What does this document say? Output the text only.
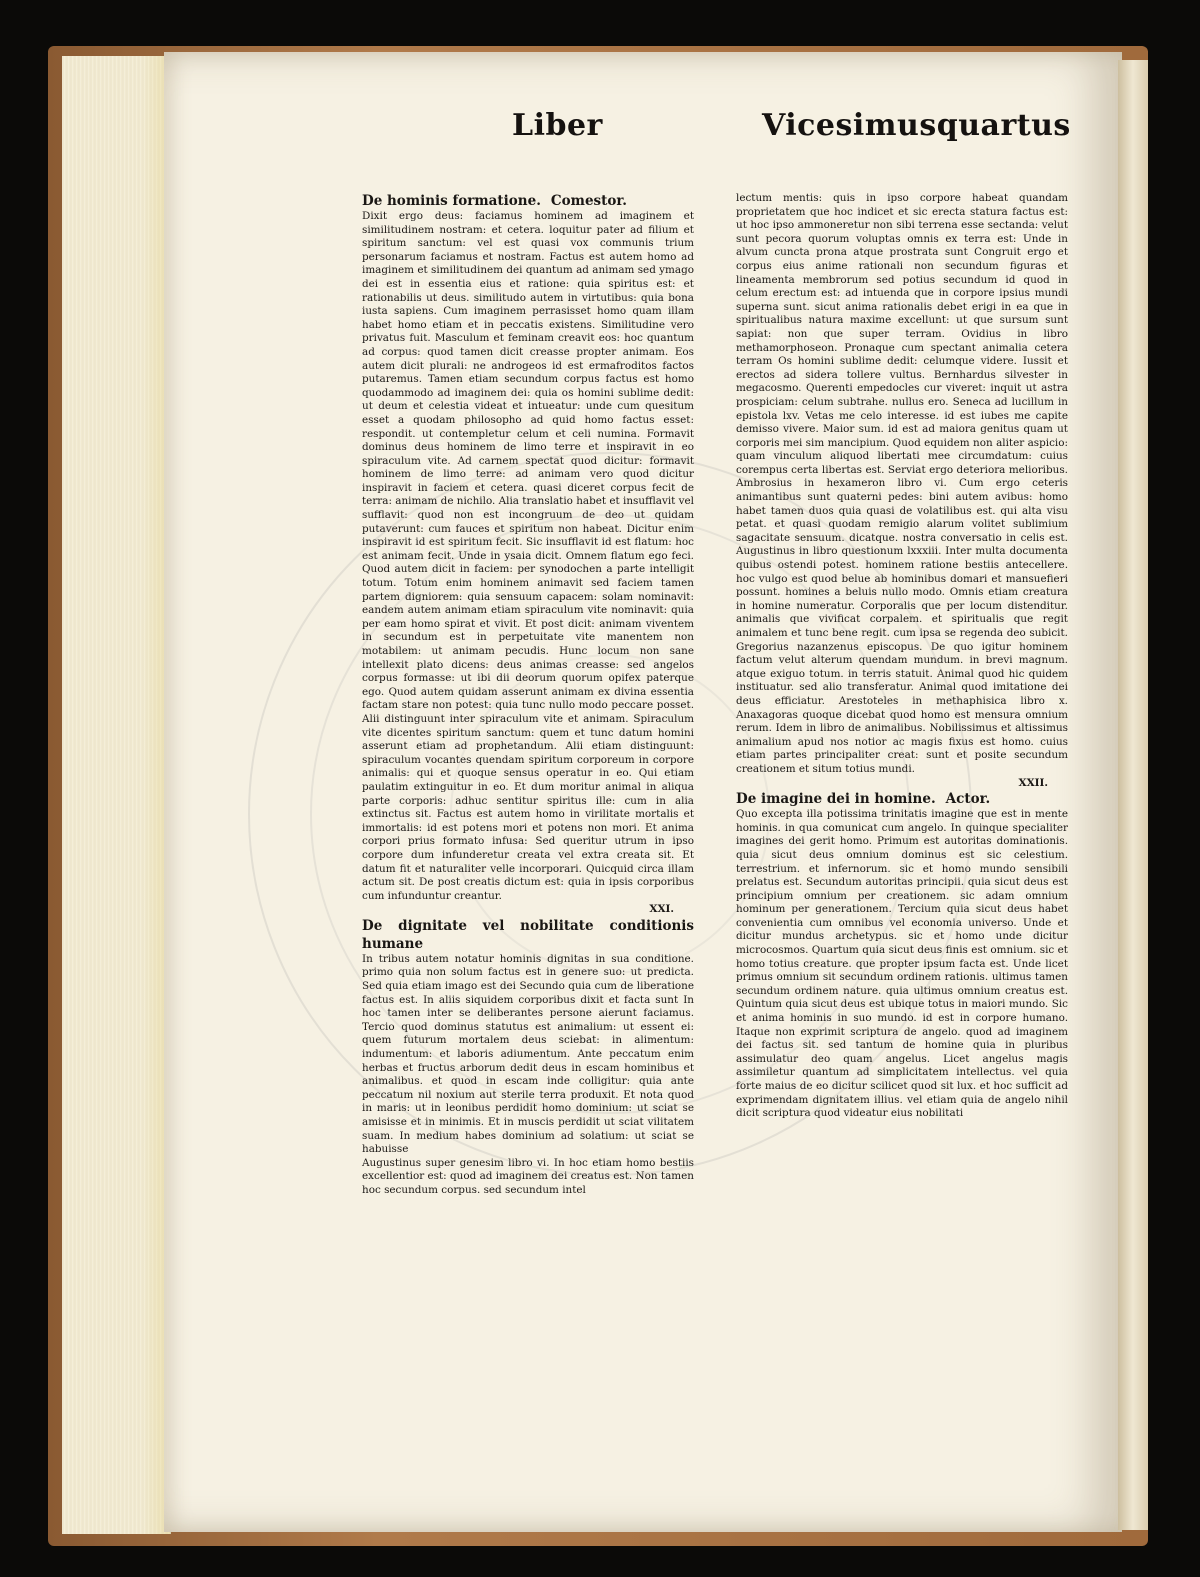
Liber	Vicesimusquartus

De hominis formatione. Comestor.

Dixit ergo deus: faciamus hominem ad imaginem et similitudinem nostram: et cetera. loquitur pater ad filium et spiritum sanctum: vel est quasi vox communis trium personarum faciamus et nostram. Factus est autem homo ad imaginem et similitudinem dei quantum ad animam sed ymago dei est in essentia eius et ratione: quia spiritus est: et rationabilis ut deus. similitudo autem in virtutibus: quia bona iusta sapiens. Cum imaginem perrasisset homo quam illam habet homo etiam et in peccatis existens. Similitudine vero privatus fuit. Masculum et feminam creavit eos: hoc quantum ad corpus: quod tamen dicit creasse propter animam. Eos autem dicit plurali: ne androgeos id est ermafroditos factos putaremus. Tamen etiam secundum corpus factus est homo quodammodo ad imaginem dei: quia os homini sublime dedit: ut deum et celestia videat et intueatur: unde cum quesitum esset a quodam philosopho ad quid homo factus esset: respondit. ut contempletur celum et celi numina. Formavit dominus deus hominem de limo terre et inspiravit in eo spiraculum vite. Ad carnem spectat quod dicitur: formavit hominem de limo terre: ad animam vero quod dicitur inspiravit in faciem et cetera. quasi diceret corpus fecit de terra: animam de nichilo. Alia translatio habet et insufflavit vel sufflavit: quod non est incongruum de deo ut quidam putaverunt: cum fauces et spiritum non habeat. Dicitur enim inspiravit id est spiritum fecit. Sic insufflavit id est flatum: hoc est animam fecit. Unde in ysaia dicit. Omnem flatum ego feci. Quod autem dicit in faciem: per synodochen a parte intelligit totum. Totum enim hominem animavit sed faciem tamen partem digniorem: quia sensuum capacem: solam nominavit: eandem autem animam etiam spiraculum vite nominavit: quia per eam homo spirat et vivit. Et post dicit: animam viventem in secundum est in perpetuitate vite manentem non motabilem: ut animam pecudis. Hunc locum non sane intellexit plato dicens: deus animas creasse: sed angelos corpus formasse: ut ibi dii deorum quorum opifex paterque ego. Quod autem quidam asserunt animam ex divina essentia factam stare non potest: quia tunc nullo modo peccare posset. Alii distinguunt inter spiraculum vite et animam. Spiraculum vite dicentes spiritum sanctum: quem et tunc datum homini asserunt etiam ad prophetandum. Alii etiam distinguunt: spiraculum vocantes quendam spiritum corporeum in corpore animalis: qui et quoque sensus operatur in eo. Qui etiam paulatim extinguitur in eo. Et dum moritur animal in aliqua parte corporis: adhuc sentitur spiritus ille: cum in alia extinctus sit. Factus est autem homo in virilitate mortalis et immortalis: id est potens mori et potens non mori. Et anima corpori prius formato infusa: Sed queritur utrum in ipso corpore dum infunderetur creata vel extra creata sit. Et datum fit et naturaliter velle incorporari. Quicquid circa illam actum sit. De post creatis dictum est: quia in ipsis corporibus cum infunduntur creantur.

XXI.

De dignitate vel nobilitate conditionis humane

In tribus autem notatur hominis dignitas in sua conditione. primo quia non solum factus est in genere suo: ut predicta. Sed quia etiam imago est dei Secundo quia cum de liberatione factus est. In aliis siquidem corporibus dixit et facta sunt In hoc tamen inter se deliberantes persone aierunt faciamus. Tercio quod dominus statutus est animalium: ut essent ei: quem futurum mortalem deus sciebat: in alimentum: indumentum: et laboris adiumentum. Ante peccatum enim herbas et fructus arborum dedit deus in escam hominibus et animalibus. et quod in escam inde colligitur: quia ante peccatum nil noxium aut sterile terra produxit. Et nota quod in maris: ut in leonibus perdidit homo dominium: ut sciat se amisisse et in minimis. Et in muscis perdidit ut sciat vilitatem suam. In medium habes dominium ad solatium: ut sciat se habuisse

Augustinus super genesim libro vi. In hoc etiam homo bestiis excellentior est: quod ad imaginem dei creatus est. Non tamen hoc secundum corpus. sed secundum intel

lectum mentis: quis in ipso corpore habeat quandam proprietatem que hoc indicet et sic erecta statura factus est: ut hoc ipso ammoneretur non sibi terrena esse sectanda: velut sunt pecora quorum voluptas omnis ex terra est: Unde in alvum cuncta prona atque prostrata sunt Congruit ergo et corpus eius anime rationali non secundum figuras et lineamenta membrorum sed potius secundum id quod in celum erectum est: ad intuenda que in corpore ipsius mundi superna sunt. sicut anima rationalis debet erigi in ea que in spiritualibus natura maxime excellunt: ut que sursum sunt sapiat: non que super terram. Ovidius in libro methamorphoseon. Pronaque cum spectant animalia cetera terram Os homini sublime dedit: celumque videre. Iussit et erectos ad sidera tollere vultus. Bernhardus silvester in megacosmo. Querenti empedocles cur viveret: inquit ut astra prospiciam: celum subtrahe. nullus ero. Seneca ad lucillum in epistola lxv. Vetas me celo interesse. id est iubes me capite demisso vivere. Maior sum. id est ad maiora genitus quam ut corporis mei sim mancipium. Quod equidem non aliter aspicio: quam vinculum aliquod libertati mee circumdatum: cuius corempus certa libertas est. Serviat ergo deteriora melioribus. Ambrosius in hexameron libro vi. Cum ergo ceteris animantibus sunt quaterni pedes: bini autem avibus: homo habet tamen duos quia quasi de volatilibus est. qui alta visu petat. et quasi quodam remigio alarum volitet sublimium sagacitate sensuum. dicatque. nostra conversatio in celis est. Augustinus in libro questionum lxxxiii. Inter multa documenta quibus ostendi potest. hominem ratione bestiis antecellere. hoc vulgo est quod belue ab hominibus domari et mansuefieri possunt. homines a beluis nullo modo. Omnis etiam creatura in homine numeratur. Corporalis que per locum distenditur. animalis que vivificat corpalem. et spiritualis que regit animalem et tunc bene regit. cum ipsa se regenda deo subicit. Gregorius nazanzenus episcopus. De quo igitur hominem factum velut alterum quendam mundum. in brevi magnum. atque exiguo totum. in terris statuit. Animal quod hic quidem instituatur. sed alio transferatur. Animal quod imitatione dei deus efficiatur. Arestoteles in methaphisica libro x. Anaxagoras quoque dicebat quod homo est mensura omnium rerum. Idem in libro de animalibus. Nobilissimus et altissimus animalium apud nos notior ac magis fixus est homo. cuius etiam partes principaliter creat: sunt et posite secundum creationem et situm totius mundi.

XXII.

De imagine dei in homine. Actor.

Quo excepta illa potissima trinitatis imagine que est in mente hominis. in qua comunicat cum angelo. In quinque specialiter imagines dei gerit homo. Primum est autoritas dominationis. quia sicut deus omnium dominus est sic celestium. terrestrium. et infernorum. sic et homo mundo sensibili prelatus est. Secundum autoritas principii. quia sicut deus est principium omnium per creationem. sic adam omnium hominum per generationem. Tercium quia sicut deus habet convenientia cum omnibus vel economia universo. Unde et dicitur mundus archetypus. sic et homo unde dicitur microcosmos. Quartum quia sicut deus finis est omnium. sic et homo totius creature. que propter ipsum facta est. Unde licet primus omnium sit secundum ordinem rationis. ultimus tamen secundum ordinem nature. quia ultimus omnium creatus est. Quintum quia sicut deus est ubique totus in maiori mundo. Sic et anima hominis in suo mundo. id est in corpore humano. Itaque non exprimit scriptura de angelo. quod ad imaginem dei factus sit. sed tantum de homine quia in pluribus assimulatur deo quam angelus. Licet angelus magis assimiletur quantum ad simplicitatem intellectus. vel quia forte maius de eo dicitur scilicet quod sit lux. et hoc sufficit ad exprimendam dignitatem illius. vel etiam quia de angelo nihil dicit scriptura quod videatur eius nobilitati
